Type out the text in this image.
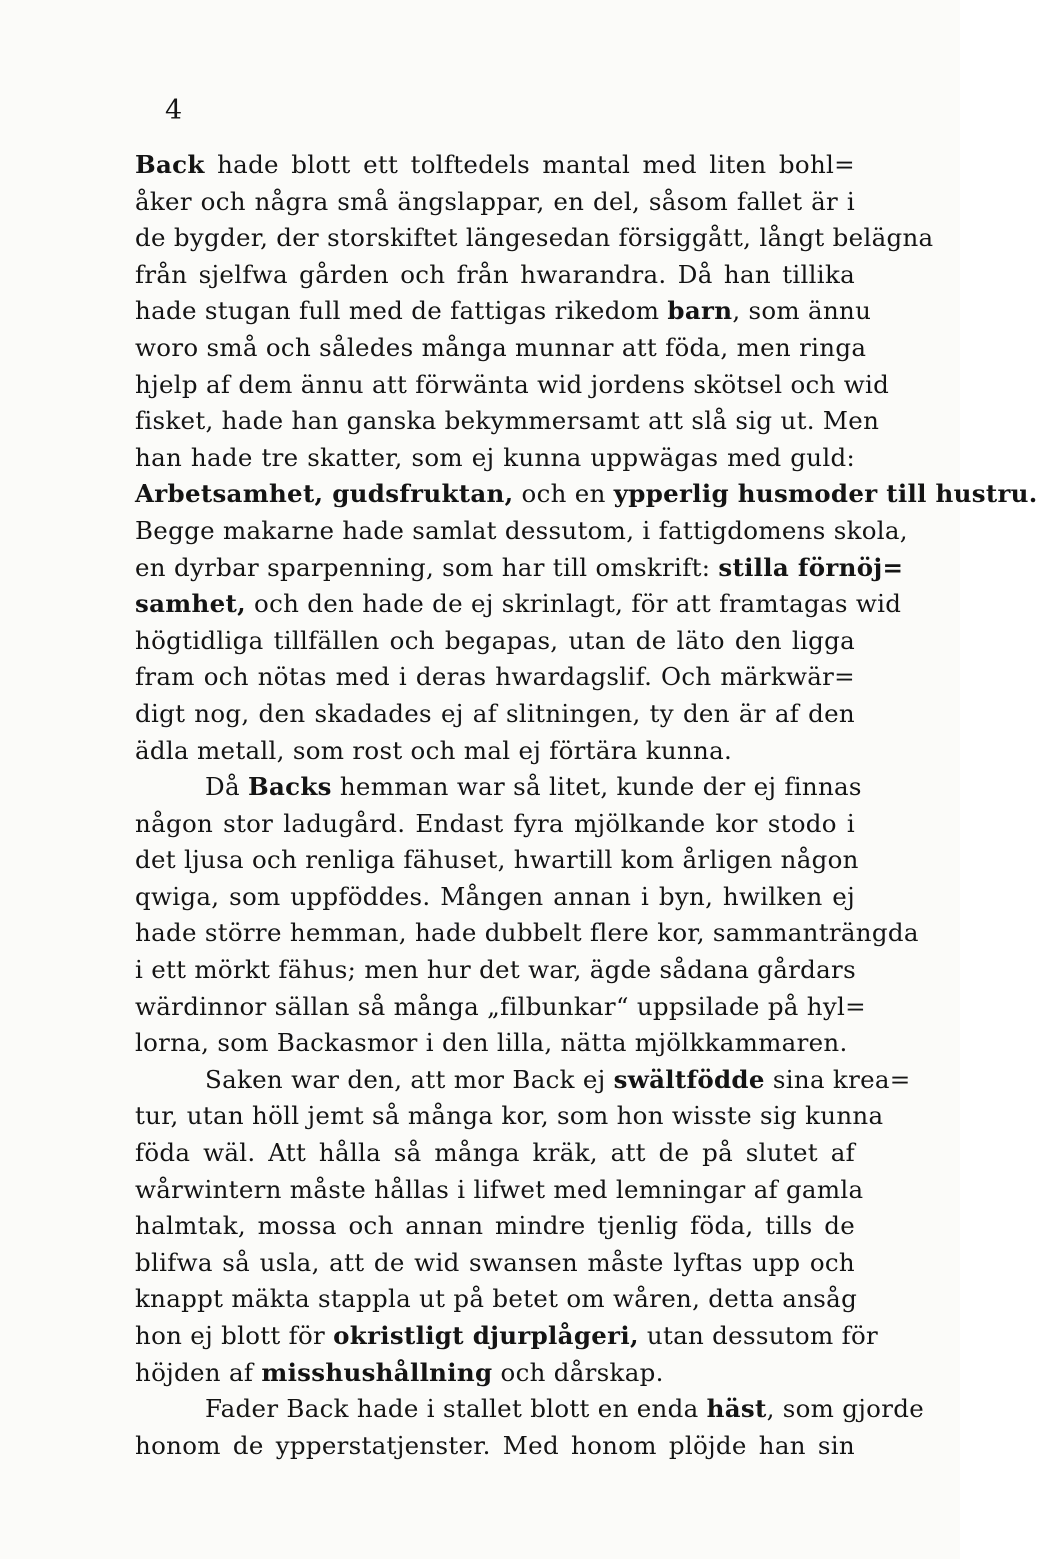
4
Back hade blott ett tolftedels mantal med liten bohl=
åker och några små ängslappar, en del, såsom fallet är i
de bygder, der storskiftet längesedan försiggått, långt belägna
från sjelfwa gården och från hwarandra. Då han tillika
hade stugan full med de fattigas rikedom barn, som ännu
woro små och således många munnar att föda, men ringa
hjelp af dem ännu att förwänta wid jordens skötsel och wid
fisket, hade han ganska bekymmersamt att slå sig ut. Men
han hade tre skatter, som ej kunna uppwägas med guld:
Arbetsamhet, gudsfruktan, och en ypperlig husmoder till hustru.
Begge makarne hade samlat dessutom, i fattigdomens skola,
en dyrbar sparpenning, som har till omskrift: stilla förnöj=
samhet, och den hade de ej skrinlagt, för att framtagas wid
högtidliga tillfällen och begapas, utan de läto den ligga
fram och nötas med i deras hwardagslif. Och märkwär=
digt nog, den skadades ej af slitningen, ty den är af den
ädla metall, som rost och mal ej förtära kunna.
Då Backs hemman war så litet, kunde der ej finnas
någon stor ladugård. Endast fyra mjölkande kor stodo i
det ljusa och renliga fähuset, hwartill kom årligen någon
qwiga, som uppföddes. Mången annan i byn, hwilken ej
hade större hemman, hade dubbelt flere kor, sammanträngda
i ett mörkt fähus; men hur det war, ägde sådana gårdars
wärdinnor sällan så många „filbunkar“ uppsilade på hyl=
lorna, som Backasmor i den lilla, nätta mjölkkammaren.
Saken war den, att mor Back ej swältfödde sina krea=
tur, utan höll jemt så många kor, som hon wisste sig kunna
föda wäl. Att hålla så många kräk, att de på slutet af
wårwintern måste hållas i lifwet med lemningar af gamla
halmtak, mossa och annan mindre tjenlig föda, tills de
blifwa så usla, att de wid swansen måste lyftas upp och
knappt mäkta stappla ut på betet om wåren, detta ansåg
hon ej blott för okristligt djurplågeri, utan dessutom för
höjden af misshushållning och dårskap.
Fader Back hade i stallet blott en enda häst, som gjorde
honom de ypperstatjenster. Med honom plöjde han sin
